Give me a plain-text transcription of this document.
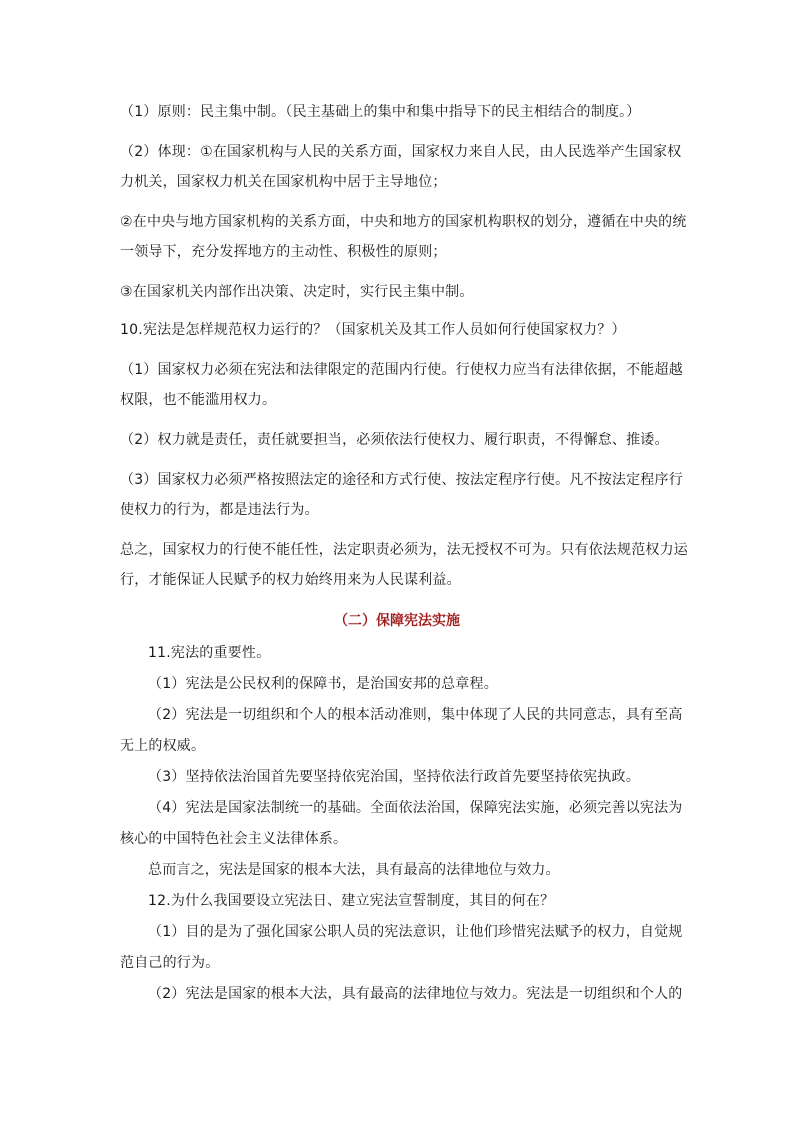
（1）原则：民主集中制。（民主基础上的集中和集中指导下的民主相结合的制度。）
（2）体现：①在国家机构与人民的关系方面，国家权力来自人民，由人民选举产生国家权
力机关，国家权力机关在国家机构中居于主导地位；
②在中央与地方国家机构的关系方面，中央和地方的国家机构职权的划分，遵循在中央的统
一领导下，充分发挥地方的主动性、积极性的原则；
③在国家机关内部作出决策、决定时，实行民主集中制。
10.宪法是怎样规范权力运行的？（国家机关及其工作人员如何行使国家权力？）
（1）国家权力必须在宪法和法律限定的范围内行使。行使权力应当有法律依据，不能超越
权限，也不能滥用权力。
（2）权力就是责任，责任就要担当，必须依法行使权力、履行职责，不得懈怠、推诿。
（3）国家权力必须严格按照法定的途径和方式行使、按法定程序行使。凡不按法定程序行
使权力的行为，都是违法行为。
总之，国家权力的行使不能任性，法定职责必须为，法无授权不可为。只有依法规范权力运
行，才能保证人民赋予的权力始终用来为人民谋利益。
（二）保障宪法实施
11.宪法的重要性。
（1）宪法是公民权利的保障书，是治国安邦的总章程。
（2）宪法是一切组织和个人的根本活动准则，集中体现了人民的共同意志，具有至高
无上的权威。
（3）坚持依法治国首先要坚持依宪治国，坚持依法行政首先要坚持依宪执政。
（4）宪法是国家法制统一的基础。全面依法治国，保障宪法实施，必须完善以宪法为
核心的中国特色社会主义法律体系。
总而言之，宪法是国家的根本大法，具有最高的法律地位与效力。
12.为什么我国要设立宪法日、建立宪法宣誓制度，其目的何在？
（1）目的是为了强化国家公职人员的宪法意识，让他们珍惜宪法赋予的权力，自觉规
范自己的行为。
（2）宪法是国家的根本大法，具有最高的法律地位与效力。宪法是一切组织和个人的
